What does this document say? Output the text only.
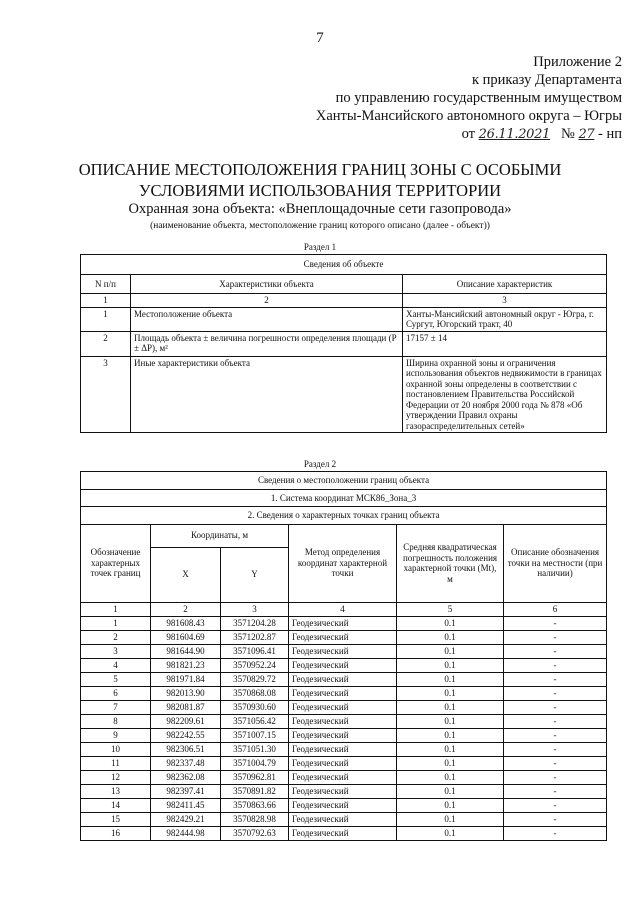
7
Приложение 2
к приказу Департамента
по управлению государственным имуществом
Ханты-Мансийского автономного округа – Югры
от 26.11.2021 № 27 - нп
ОПИСАНИЕ МЕСТОПОЛОЖЕНИЯ ГРАНИЦ ЗОНЫ С ОСОБЫМИ
УСЛОВИЯМИ ИСПОЛЬЗОВАНИЯ ТЕРРИТОРИИ
Охранная зона объекта: «Внеплощадочные сети газопровода»
(наименование объекта, местоположение границ которого описано (далее - объект))
Раздел 1
Сведения об объекте		
N п/п	Характеристики объекта	Описание характеристик
1	2	3
1	Местоположение объекта	Ханты-Мансийский автономный округ - Югра, г. Сургут, Югорский тракт, 40
2	Площадь объекта ± величина погрешности определения площади (P ± ΔP), м²	17157 ± 14
3	Иные характеристики объекта	Ширина охранной зоны и ограничения использования объектов недвижимости в границах охранной зоны определены в соответствии с постановлением Правительства Российской Федерации от 20 ноября 2000 года № 878 «Об утверждении Правил охраны газораспределительных сетей»
Раздел 2
Сведения о местоположении границ объекта					
1. Система координат МСК86_Зона_3					
2. Сведения о характерных точках границ объекта					
Обозначение характерных точек границ	Координаты, м		Метод определения координат характерной точки	Средняя квадратическая погрешность положения характерной точки (Mt), м	Описание обозначения точки на местности (при наличии)
	X	Y			
1	2	3	4	5	6
1	981608.43	3571204.28	Геодезический	0.1	-
2	981604.69	3571202.87	Геодезический	0.1	-
3	981644.90	3571096.41	Геодезический	0.1	-
4	981821.23	3570952.24	Геодезический	0.1	-
5	981971.84	3570829.72	Геодезический	0.1	-
6	982013.90	3570868.08	Геодезический	0.1	-
7	982081.87	3570930.60	Геодезический	0.1	-
8	982209.61	3571056.42	Геодезический	0.1	-
9	982242.55	3571007.15	Геодезический	0.1	-
10	982306.51	3571051.30	Геодезический	0.1	-
11	982337.48	3571004.79	Геодезический	0.1	-
12	982362.08	3570962.81	Геодезический	0.1	-
13	982397.41	3570891.82	Геодезический	0.1	-
14	982411.45	3570863.66	Геодезический	0.1	-
15	982429.21	3570828.98	Геодезический	0.1	-
16	982444.98	3570792.63	Геодезический	0.1	-
